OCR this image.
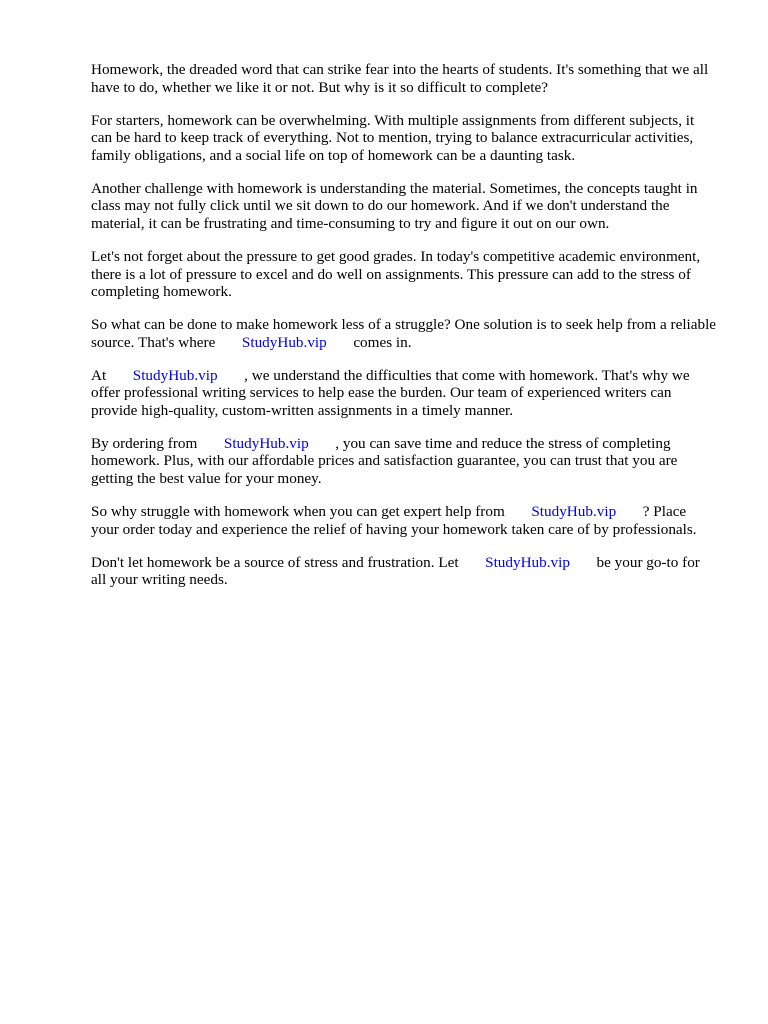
Homework, the dreaded word that can strike fear into the hearts of students. It's something that we all have to do, whether we like it or not. But why is it so difficult to complete?

For starters, homework can be overwhelming. With multiple assignments from different subjects, it can be hard to keep track of everything. Not to mention, trying to balance extracurricular activities, family obligations, and a social life on top of homework can be a daunting task.

Another challenge with homework is understanding the material. Sometimes, the concepts taught in class may not fully click until we sit down to do our homework. And if we don't understand the material, it can be frustrating and time-consuming to try and figure it out on our own.

Let's not forget about the pressure to get good grades. In today's competitive academic environment, there is a lot of pressure to excel and do well on assignments. This pressure can add to the stress of completing homework.

So what can be done to make homework less of a struggle? One solution is to seek help from a reliable source. That's where       StudyHub.vip       comes in.

At       StudyHub.vip       , we understand the difficulties that come with homework. That's why we offer professional writing services to help ease the burden. Our team of experienced writers can provide high-quality, custom-written assignments in a timely manner.

By ordering from       StudyHub.vip       , you can save time and reduce the stress of completing homework. Plus, with our affordable prices and satisfaction guarantee, you can trust that you are getting the best value for your money.

So why struggle with homework when you can get expert help from       StudyHub.vip       ? Place your order today and experience the relief of having your homework taken care of by professionals.

Don't let homework be a source of stress and frustration. Let       StudyHub.vip       be your go-to for all your writing needs.
